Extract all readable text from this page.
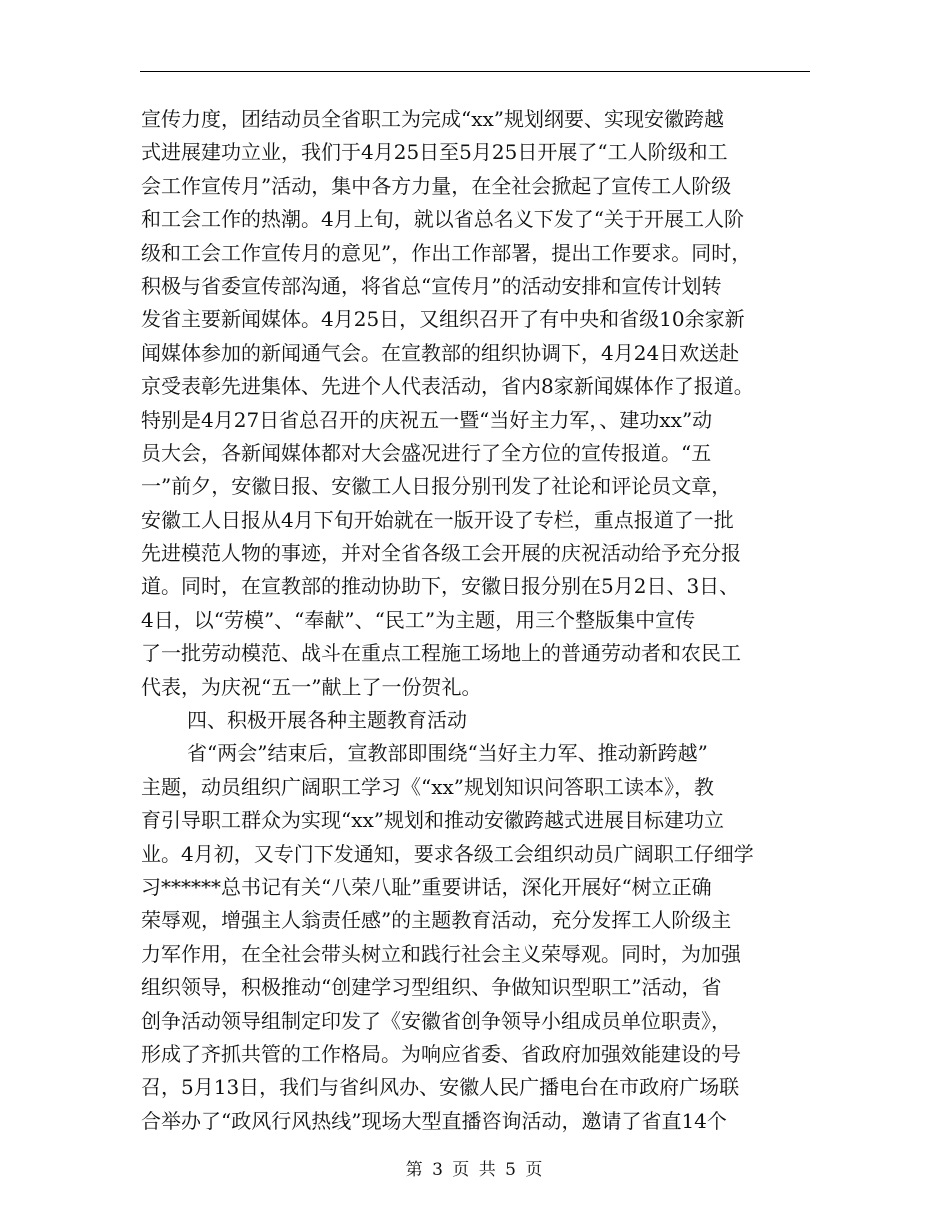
宣传力度，团结动员全省职工为完成“xx”规划纲要、实现安徽跨越
式进展建功立业，我们于4月25日至5月25日开展了“工人阶级和工
会工作宣传月”活动，集中各方力量，在全社会掀起了宣传工人阶级
和工会工作的热潮。4月上旬，就以省总名义下发了“关于开展工人阶
级和工会工作宣传月的意见”，作出工作部署，提出工作要求。同时，
积极与省委宣传部沟通，将省总“宣传月”的活动安排和宣传计划转
发省主要新闻媒体。4月25日，又组织召开了有中央和省级10余家新
闻媒体参加的新闻通气会。在宣教部的组织协调下，4月24日欢送赴
京受表彰先进集体、先进个人代表活动，省内8家新闻媒体作了报道。
特别是4月27日省总召开的庆祝五一暨“当好主力军，、建功xx”动
员大会，各新闻媒体都对大会盛况进行了全方位的宣传报道。“五
一”前夕，安徽日报、安徽工人日报分别刊发了社论和评论员文章，
安徽工人日报从4月下旬开始就在一版开设了专栏，重点报道了一批
先进模范人物的事迹，并对全省各级工会开展的庆祝活动给予充分报
道。同时，在宣教部的推动协助下，安徽日报分别在5月2日、3日、
4日，以“劳模”、“奉献”、“民工”为主题，用三个整版集中宣传
了一批劳动模范、战斗在重点工程施工场地上的普通劳动者和农民工
代表，为庆祝“五一”献上了一份贺礼。
四、积极开展各种主题教育活动
省“两会”结束后，宣教部即围绕“当好主力军、推动新跨越”
主题，动员组织广阔职工学习《“xx”规划知识问答职工读本》，教
育引导职工群众为实现“xx”规划和推动安徽跨越式进展目标建功立
业。4月初，又专门下发通知，要求各级工会组织动员广阔职工仔细学
习******总书记有关“八荣八耻”重要讲话，深化开展好“树立正确
荣辱观，增强主人翁责任感”的主题教育活动，充分发挥工人阶级主
力军作用，在全社会带头树立和践行社会主义荣辱观。同时，为加强
组织领导，积极推动“创建学习型组织、争做知识型职工”活动，省
创争活动领导组制定印发了《安徽省创争领导小组成员单位职责》，
形成了齐抓共管的工作格局。为响应省委、省政府加强效能建设的号
召，5月13日，我们与省纠风办、安徽人民广播电台在市政府广场联
合举办了“政风行风热线”现场大型直播咨询活动，邀请了省直14个
第 3 页 共 5 页
